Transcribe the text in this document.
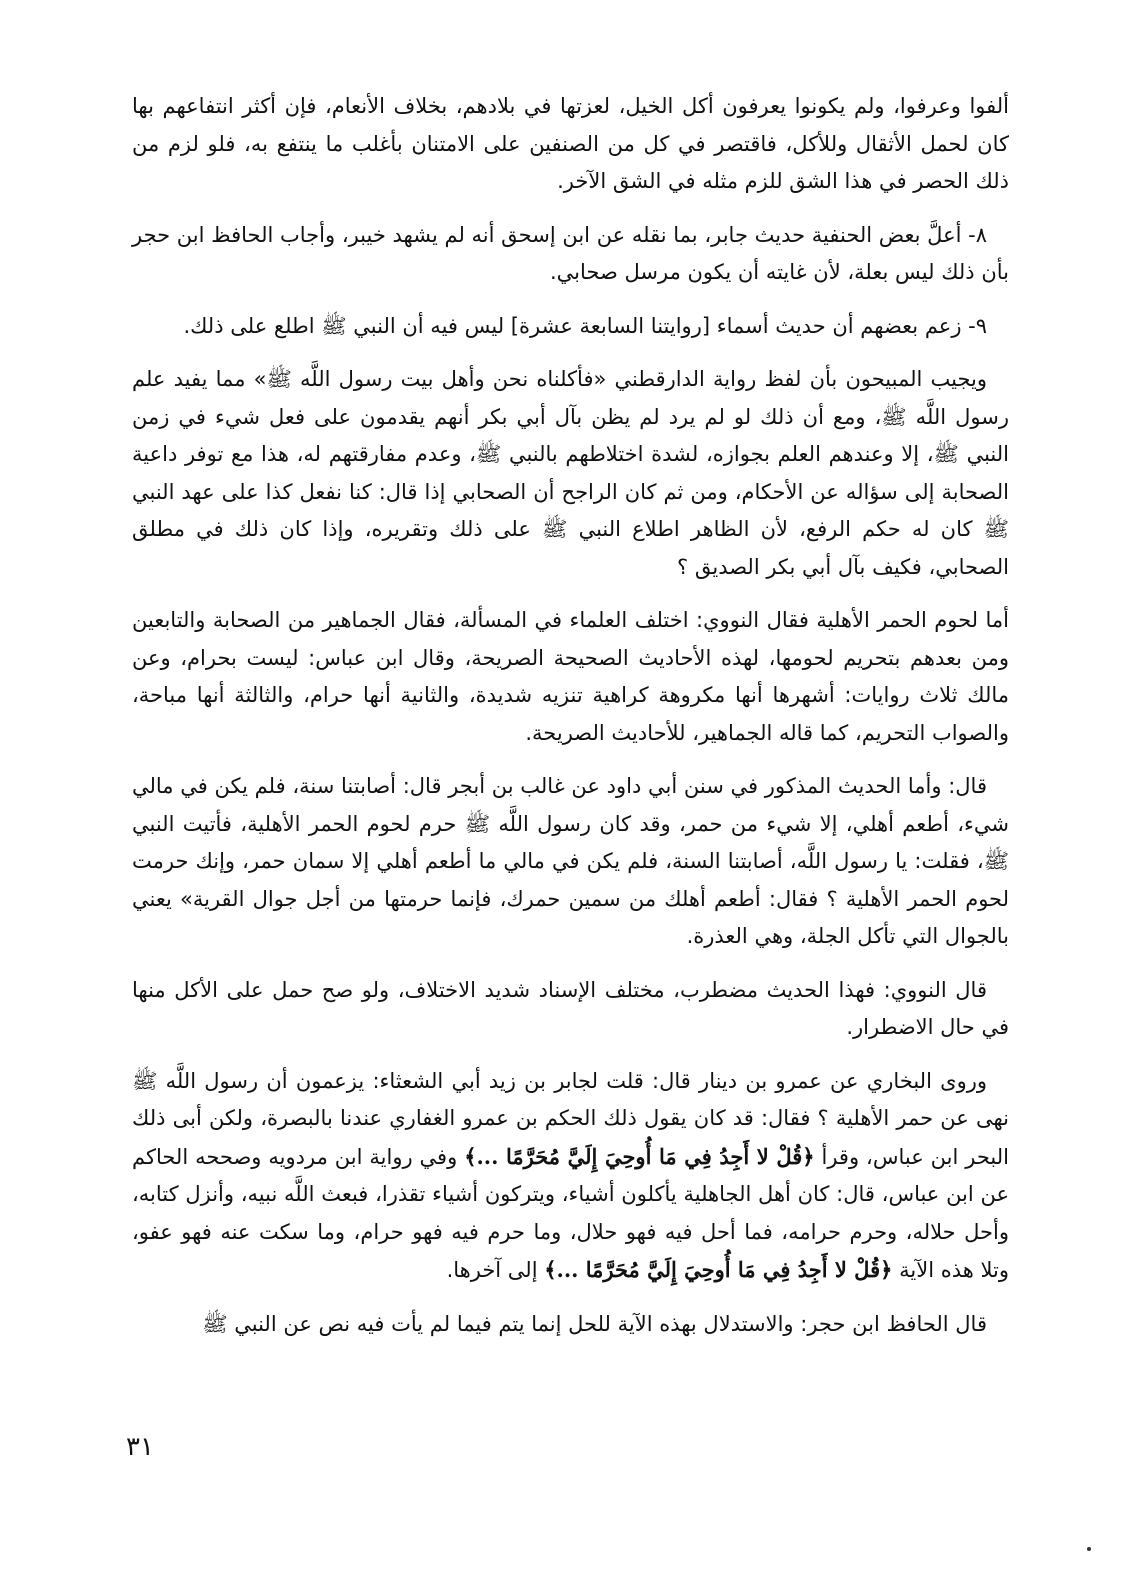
ألفوا وعرفوا، ولم يكونوا يعرفون أكل الخيل، لعزتها في بلادهم، بخلاف الأنعام، فإن أكثر انتفاعهم بها كان لحمل الأثقال وللأكل، فاقتصر في كل من الصنفين على الامتنان بأغلب ما ينتفع به، فلو لزم من ذلك الحصر في هذا الشق للزم مثله في الشق الآخر.

٨- أعلَّ بعض الحنفية حديث جابر، بما نقله عن ابن إسحق أنه لم يشهد خيبر، وأجاب الحافظ ابن حجر بأن ذلك ليس بعلة، لأن غايته أن يكون مرسل صحابي.

٩- زعم بعضهم أن حديث أسماء [روايتنا السابعة عشرة] ليس فيه أن النبي ﷺ اطلع على ذلك.

ويجيب المبيحون بأن لفظ رواية الدارقطني «فأكلناه نحن وأهل بيت رسول اللَّه ﷺ» مما يفيد علم رسول اللَّه ﷺ، ومع أن ذلك لو لم يرد لم يظن بآل أبي بكر أنهم يقدمون على فعل شيء في زمن النبي ﷺ، إلا وعندهم العلم بجوازه، لشدة اختلاطهم بالنبي ﷺ، وعدم مفارقتهم له، هذا مع توفر داعية الصحابة إلى سؤاله عن الأحكام، ومن ثم كان الراجح أن الصحابي إذا قال: كنا نفعل كذا على عهد النبي ﷺ كان له حكم الرفع، لأن الظاهر اطلاع النبي ﷺ على ذلك وتقريره، وإذا كان ذلك في مطلق الصحابي، فكيف بآل أبي بكر الصديق ؟

أما لحوم الحمر الأهلية فقال النووي: اختلف العلماء في المسألة، فقال الجماهير من الصحابة والتابعين ومن بعدهم بتحريم لحومها، لهذه الأحاديث الصحيحة الصريحة، وقال ابن عباس: ليست بحرام، وعن مالك ثلاث روايات: أشهرها أنها مكروهة كراهية تنزيه شديدة، والثانية أنها حرام، والثالثة أنها مباحة، والصواب التحريم، كما قاله الجماهير، للأحاديث الصريحة.

قال: وأما الحديث المذكور في سنن أبي داود عن غالب بن أبجر قال: أصابتنا سنة، فلم يكن في مالي شيء، أطعم أهلي، إلا شيء من حمر، وقد كان رسول اللَّه ﷺ حرم لحوم الحمر الأهلية، فأتيت النبي ﷺ، فقلت: يا رسول اللَّه، أصابتنا السنة، فلم يكن في مالي ما أطعم أهلي إلا سمان حمر، وإنك حرمت لحوم الحمر الأهلية ؟ فقال: أطعم أهلك من سمين حمرك، فإنما حرمتها من أجل جوال القرية» يعني بالجوال التي تأكل الجلة، وهي العذرة.

قال النووي: فهذا الحديث مضطرب، مختلف الإسناد شديد الاختلاف، ولو صح حمل على الأكل منها في حال الاضطرار.

وروى البخاري عن عمرو بن دينار قال: قلت لجابر بن زيد أبي الشعثاء: يزعمون أن رسول اللَّه ﷺ نهى عن حمر الأهلية ؟ فقال: قد كان يقول ذلك الحكم بن عمرو الغفاري عندنا بالبصرة، ولكن أبى ذلك البحر ابن عباس، وقرأ ﴿قُلْ لا أَجِدُ فِي مَا أُوحِيَ إِلَيَّ مُحَرَّمًا ...﴾ وفي رواية ابن مردويه وصححه الحاكم عن ابن عباس، قال: كان أهل الجاهلية يأكلون أشياء، ويتركون أشياء تقذرا، فبعث اللَّه نبيه، وأنزل كتابه، وأحل حلاله، وحرم حرامه، فما أحل فيه فهو حلال، وما حرم فيه فهو حرام، وما سكت عنه فهو عفو، وتلا هذه الآية ﴿قُلْ لا أَجِدُ فِي مَا أُوحِيَ إِلَيَّ مُحَرَّمًا ...﴾ إلى آخرها.

قال الحافظ ابن حجر: والاستدلال بهذه الآية للحل إنما يتم فيما لم يأت فيه نص عن النبي ﷺ

٣١
